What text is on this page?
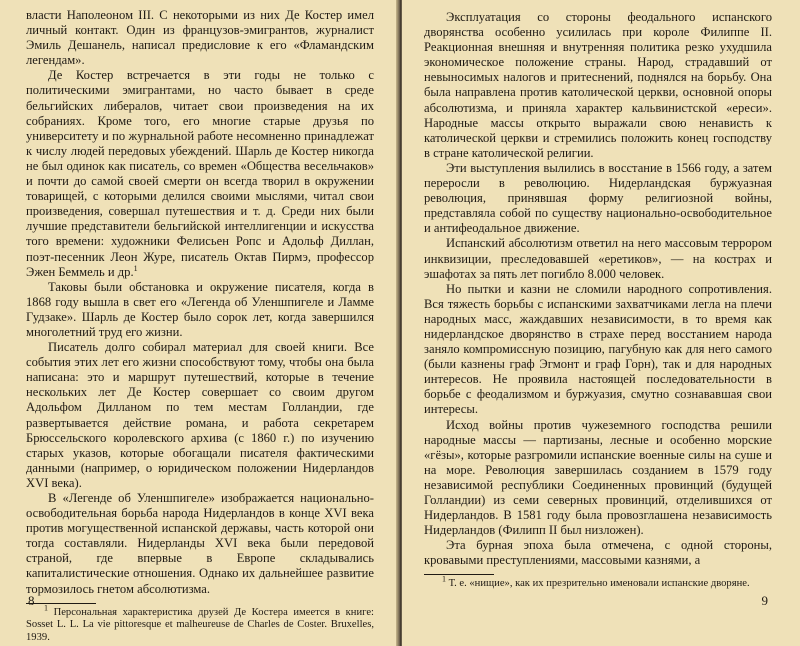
власти Наполеоном III. С некоторыми из них Де Костер имел личный контакт. Один из французов-эмигрантов, журналист Эмиль Дешанель, написал предисловие к его «Фламандским легендам».

Де Костер встречается в эти годы не только с политическими эмигрантами, но часто бывает в среде бельгийских либералов, читает свои произведения на их собраниях. Кроме того, его многие старые друзья по университету и по журнальной работе несомненно принадлежат к числу людей передовых убеждений. Шарль де Костер никогда не был одинок как писатель, со времен «Общества весельчаков» и почти до самой своей смерти он всегда творил в окружении товарищей, с которыми делился своими мыслями, читал свои произведения, совершал путешествия и т. д. Среди них были лучшие представители бельгийской интеллигенции и искусства того времени: художники Фелисьен Ропс и Адольф Диллан, поэт-песенник Леон Журе, писатель Октав Пирмэ, профессор Эжен Беммель и др.$^1$

Таковы были обстановка и окружение писателя, когда в 1868 году вышла в свет его «Легенда об Уленшпигеле и Ламме Гудзаке». Шарль де Костер было сорок лет, когда завершился многолетний труд его жизни.

Писатель долго собирал материал для своей книги. Все события этих лет его жизни способствуют тому, чтобы она была написана: это и маршрут путешествий, которые в течение нескольких лет Де Костер совершает со своим другом Адольфом Дилланом по тем местам Голландии, где развертывается действие романа, и работа секретарем Брюссельского королевского архива (с 1860 г.) по изучению старых указов, которые обогащали писателя фактическими данными (например, о юридическом положении Нидерландов XVI века).

В «Легенде об Уленшпигеле» изображается национально-освободительная борьба народа Нидерландов в конце XVI века против могущественной испанской державы, часть которой они тогда составляли. Нидерланды XVI века были передовой страной, где впервые в Европе складывались капиталистические отношения. Однако их дальнейшее развитие тормозилось гнетом абсолютизма.

$^1$ Персональная характеристика друзей Де Костера имеется в книге: Sosset L. L. La vie pittoresque et malheureuse de Charles de Coster. Bruxelles, 1939.

8

Эксплуатация со стороны феодального испанского дворянства особенно усилилась при короле Филиппе II. Реакционная внешняя и внутренняя политика резко ухудшила экономическое положение страны. Народ, страдавший от невыносимых налогов и притеснений, поднялся на борьбу. Она была направлена против католической церкви, основной опоры абсолютизма, и приняла характер кальвинистской «ереси». Народные массы открыто выражали свою ненависть к католической церкви и стремились положить конец господству в стране католической религии.

Эти выступления вылились в восстание в 1566 году, а затем переросли в революцию. Нидерландская буржуазная революция, принявшая форму религиозной войны, представляла собой по существу национально-освободительное и антифеодальное движение.

Испанский абсолютизм ответил на него массовым террором инквизиции, преследовавшей «еретиков», — на кострах и эшафотах за пять лет погибло 8.000 человек.

Но пытки и казни не сломили народного сопротивления. Вся тяжесть борьбы с испанскими захватчиками легла на плечи народных масс, жаждавших независимости, в то время как нидерландское дворянство в страхе перед восстанием народа заняло компромиссную позицию, пагубную как для него самого (были казнены граф Эгмонт и граф Горн), так и для народных интересов. Не проявила настоящей последовательности в борьбе с феодализмом и буржуазия, смутно сознававшая свои интересы.

Исход войны против чужеземного господства решили народные массы — партизаны, лесные и особенно морские «гёзы», которые разгромили испанские военные силы на суше и на море. Революция завершилась созданием в 1579 году независимой республики Соединенных провинций (будущей Голландии) из семи северных провинций, отделившихся от Нидерландов. В 1581 году была провозглашена независимость Нидерландов (Филипп II был низложен).

Эта бурная эпоха была отмечена, с одной стороны, кровавыми преступлениями, массовыми казнями, а

$^1$ Т. е. «нищие», как их презрительно именовали испанские дворяне.

9
